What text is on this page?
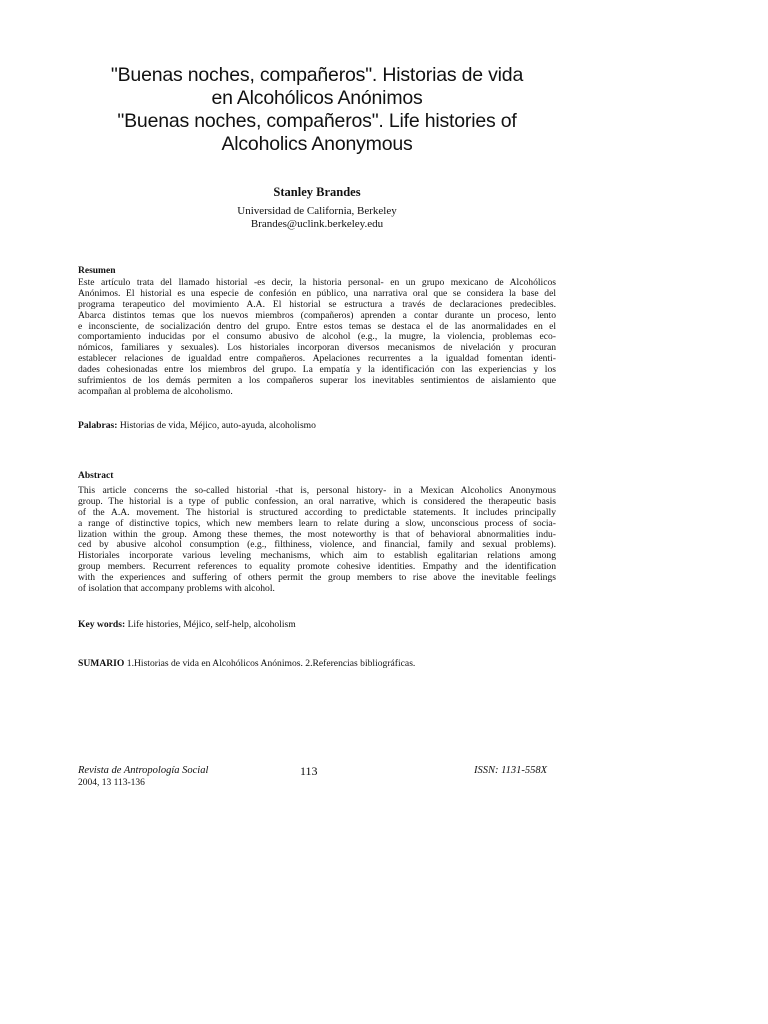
"Buenas noches, compañeros". Historias de vida
en Alcohólicos Anónimos
"Buenas noches, compañeros". Life histories of
Alcoholics Anonymous
Stanley Brandes
Universidad de California, Berkeley
Brandes@uclink.berkeley.edu
Resumen
Este artículo trata del llamado historial -es decir, la historia personal- en un grupo mexicano de Alcohólicos
Anónimos. El historial es una especie de confesión en público, una narrativa oral que se considera la base del
programa terapeutico del movimiento A.A. El historial se estructura a través de declaraciones predecibles.
Abarca distintos temas que los nuevos miembros (compañeros) aprenden a contar durante un proceso, lento
e inconsciente, de socialización dentro del grupo. Entre estos temas se destaca el de las anormalidades en el
comportamiento inducidas por el consumo abusivo de alcohol (e.g., la mugre, la violencia, problemas eco-
nómicos, familiares y sexuales). Los historiales incorporan diversos mecanismos de nivelación y procuran
establecer relaciones de igualdad entre compañeros. Apelaciones recurrentes a la igualdad fomentan identi-
dades cohesionadas entre los miembros del grupo. La empatía y la identificación con las experiencias y los
sufrimientos de los demás permiten a los compañeros superar los inevitables sentimientos de aislamiento que
acompañan al problema de alcoholismo.
Palabras: Historias de vida, Méjico, auto-ayuda, alcoholismo
Abstract
This article concerns the so-called historial -that is, personal history- in a Mexican Alcoholics Anonymous
group. The historial is a type of public confession, an oral narrative, which is considered the therapeutic basis
of the A.A. movement. The historial is structured according to predictable statements. It includes principally
a range of distinctive topics, which new members learn to relate during a slow, unconscious process of socia-
lization within the group. Among these themes, the most noteworthy is that of behavioral abnormalities indu-
ced by abusive alcohol consumption (e.g., filthiness, violence, and financial, family and sexual problems).
Historiales incorporate various leveling mechanisms, which aim to establish egalitarian relations among
group members. Recurrent references to equality promote cohesive identities. Empathy and the identification
with the experiences and suffering of others permit the group members to rise above the inevitable feelings
of isolation that accompany problems with alcohol.
Key words: Life histories, Méjico, self-help, alcoholism
SUMARIO 1.Historias de vida en Alcohólicos Anónimos. 2.Referencias bibliográficas.
Revista de Antropología Social
2004, 13 113-136
113	ISSN: 1131-558X
